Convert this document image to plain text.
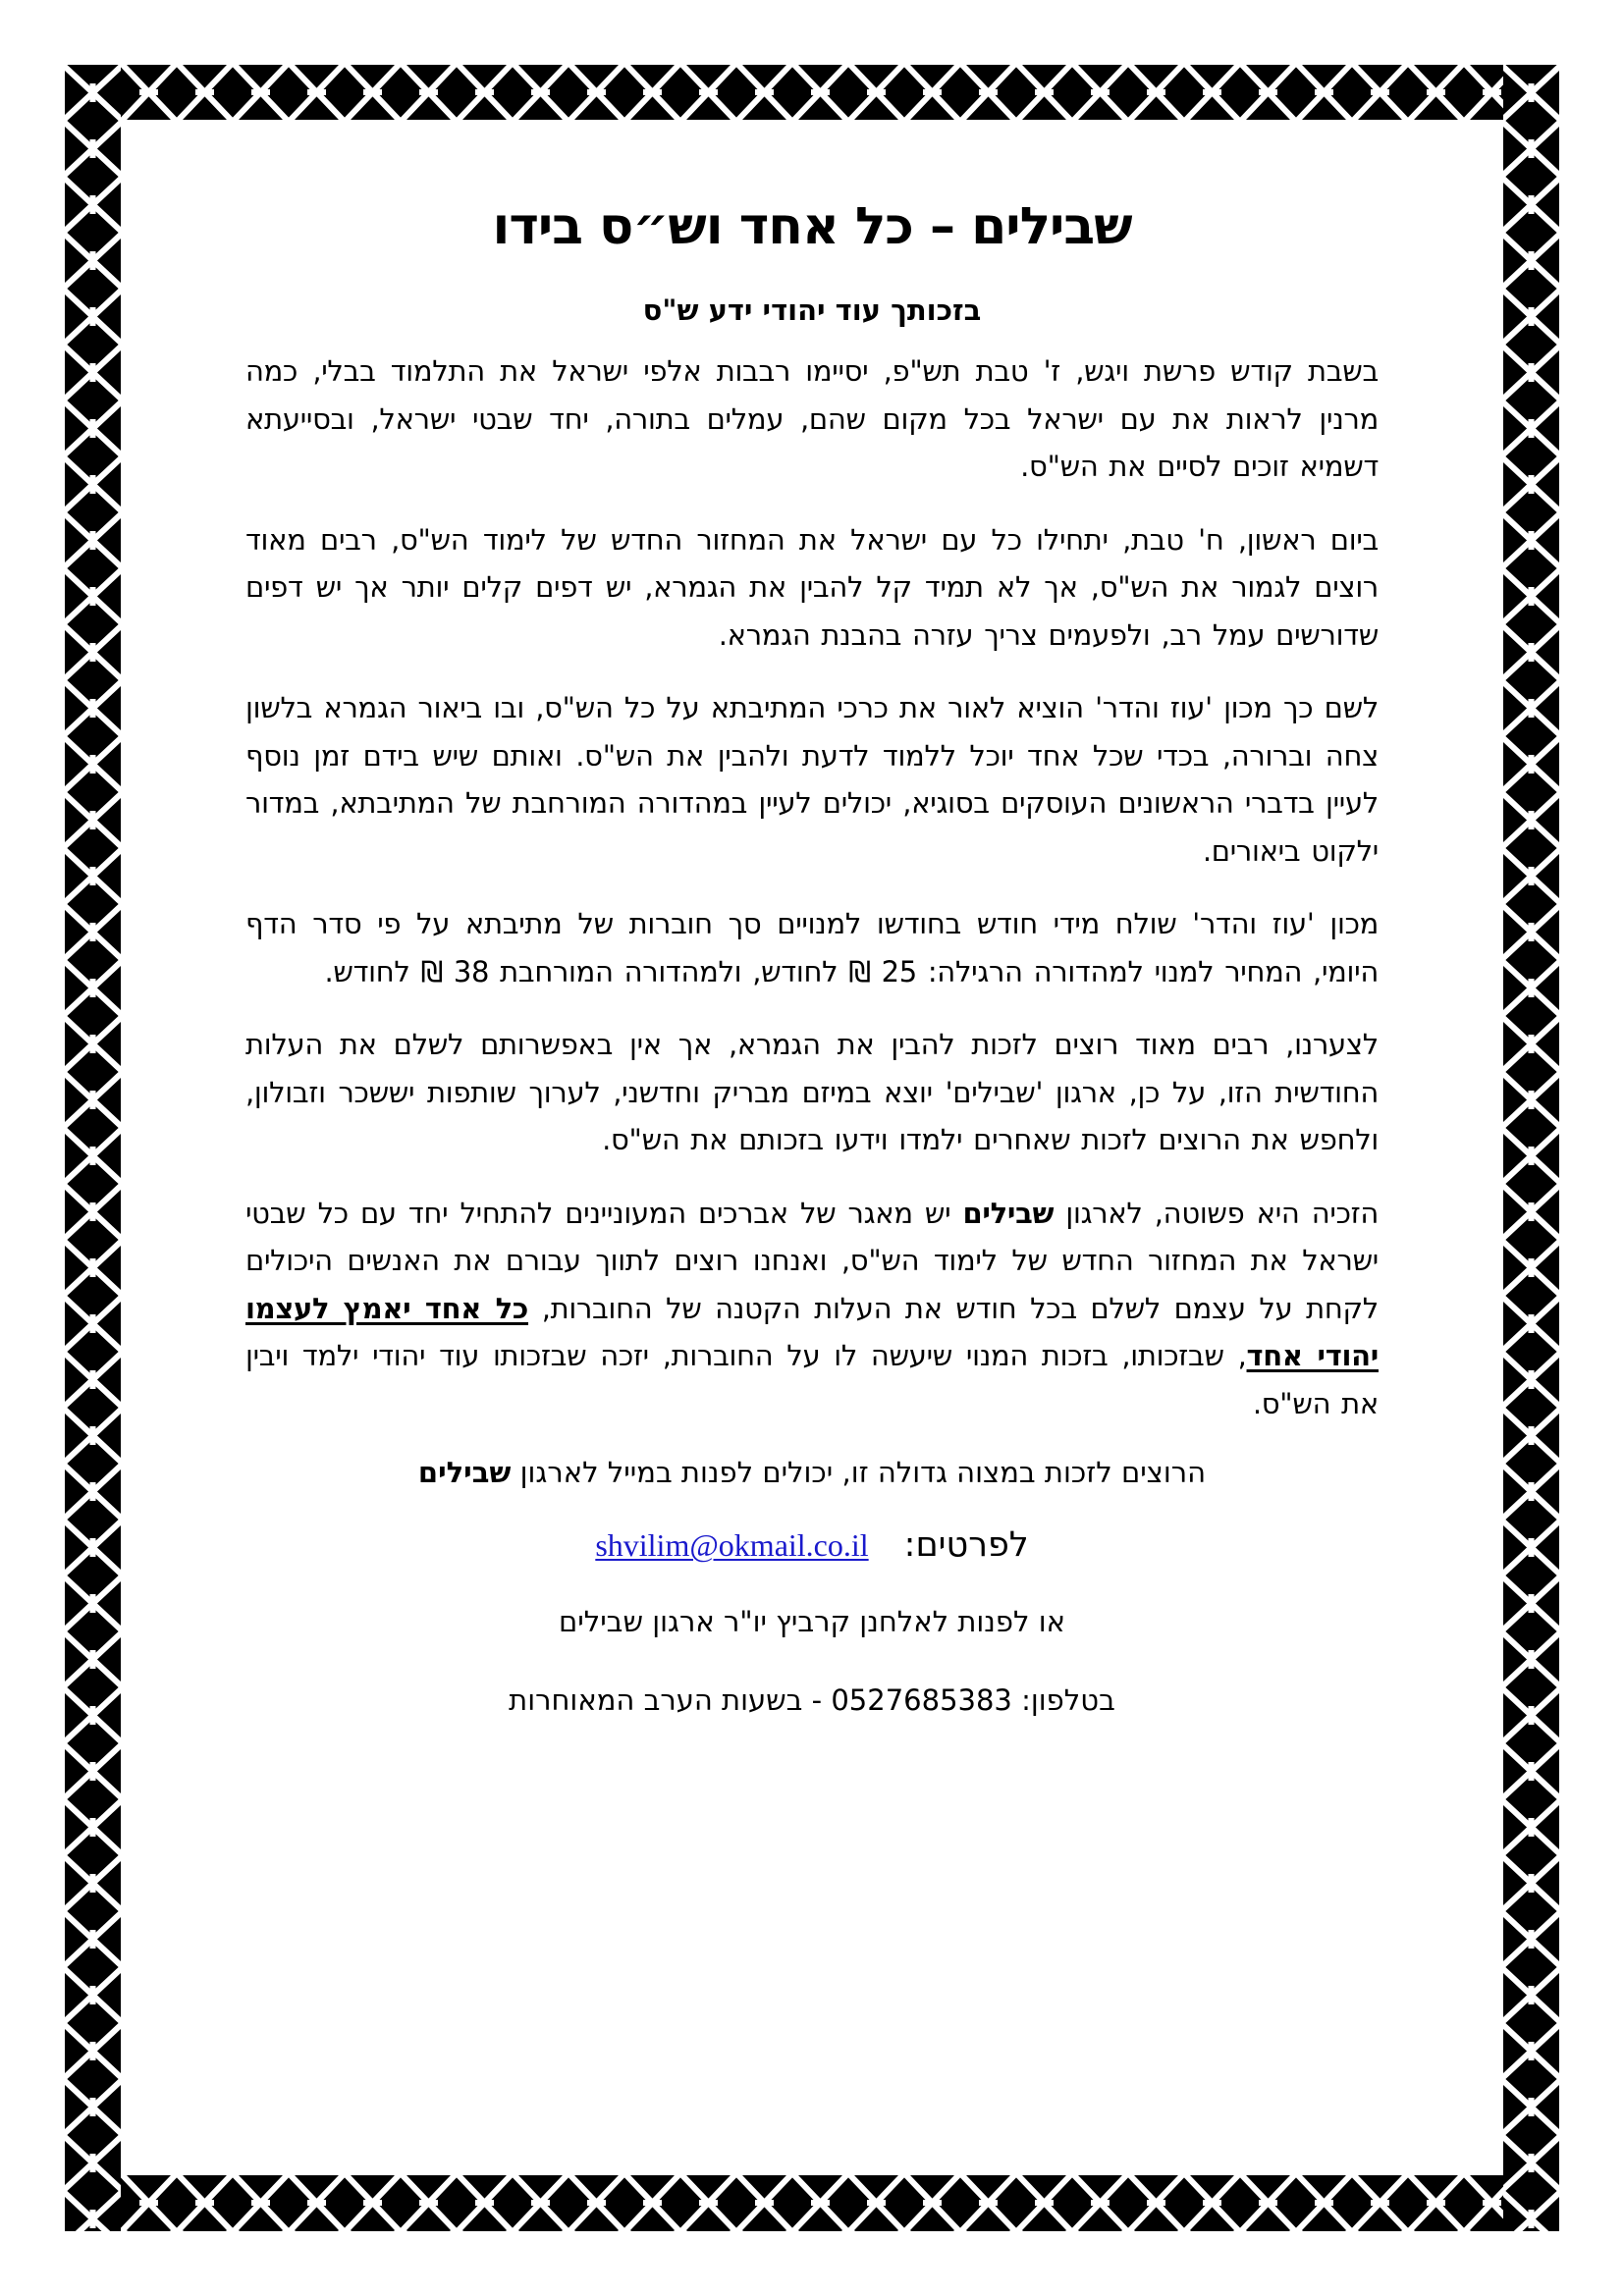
שבילים – כל אחד וש״ס בידו
בזכותך עוד יהודי ידע ש"ס

בשבת קודש פרשת ויגש, ז' טבת תש"פ, יסיימו רבבות אלפי ישראל את התלמוד בבלי, כמה מרנין לראות את עם ישראל בכל מקום שהם, עמלים בתורה, יחד שבטי ישראל, ובסייעתא דשמיא זוכים לסיים את הש"ס.

ביום ראשון, ח' טבת, יתחילו כל עם ישראל את המחזור החדש של לימוד הש"ס, רבים מאוד רוצים לגמור את הש"ס, אך לא תמיד קל להבין את הגמרא, יש דפים קלים יותר אך יש דפים שדורשים עמל רב, ולפעמים צריך עזרה בהבנת הגמרא.

לשם כך מכון 'עוז והדר' הוציא לאור את כרכי המתיבתא על כל הש"ס, ובו ביאור הגמרא בלשון צחה וברורה, בכדי שכל אחד יוכל ללמוד לדעת ולהבין את הש"ס. ואותם שיש בידם זמן נוסף לעיין בדברי הראשונים העוסקים בסוגיא, יכולים לעיין במהדורה המורחבת של המתיבתא, במדור ילקוט ביאורים.

מכון 'עוז והדר' שולח מידי חודש בחודשו למנויים סך חוברות של מתיבתא על פי סדר הדף היומי, המחיר למנוי למהדורה הרגילה: 25 ₪ לחודש, ולמהדורה המורחבת 38 ₪ לחודש.

לצערנו, רבים מאוד רוצים לזכות להבין את הגמרא, אך אין באפשרותם לשלם את העלות החודשית הזו, על כן, ארגון 'שבילים' יוצא במיזם מבריק וחדשני, לערוך שותפות יששכר וזבולון, ולחפש את הרוצים לזכות שאחרים ילמדו וידעו בזכותם את הש"ס.

הזכיה היא פשוטה, לארגון שבילים יש מאגר של אברכים המעוניינים להתחיל יחד עם כל שבטי ישראל את המחזור החדש של לימוד הש"ס, ואנחנו רוצים לתווך עבורם את האנשים היכולים לקחת על עצמם לשלם בכל חודש את העלות הקטנה של החוברות, כל אחד יאמץ לעצמו יהודי אחד, שבזכותו, בזכות המנוי שיעשה לו על החוברות, יזכה שבזכותו עוד יהודי ילמד ויבין את הש"ס.

הרוצים לזכות במצוה גדולה זו, יכולים לפנות במייל לארגון שבילים

לפרטים:
shvilim@okmail.co.il

או לפנות לאלחנן קרביץ יו"ר ארגון שבילים

בטלפון: 0527685383 - בשעות הערב המאוחרות
